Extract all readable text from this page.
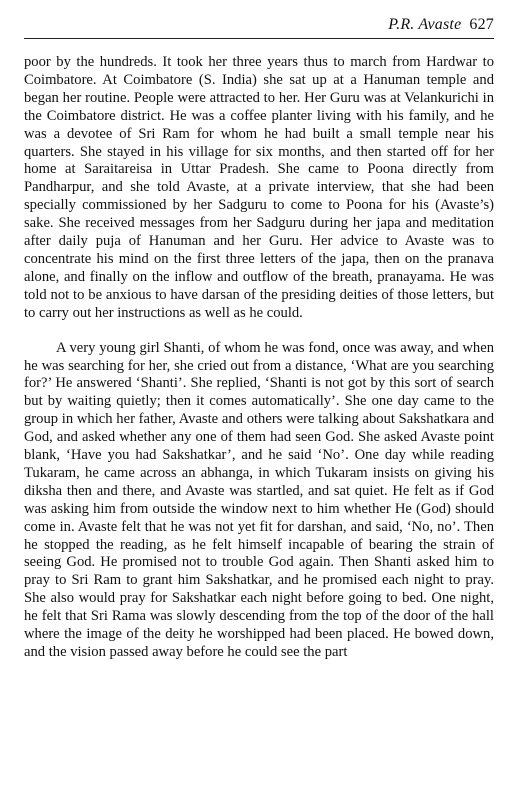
P.R. Avaste 627

poor by the hundreds. It took her three years thus to march from Hardwar to Coimbatore. At Coimbatore (S. India) she sat up at a Hanuman temple and began her routine. People were attracted to her. Her Guru was at Velankurichi in the Coimbatore district. He was a coffee planter living with his family, and he was a devotee of Sri Ram for whom he had built a small temple near his quarters. She stayed in his village for six months, and then started off for her home at Saraitareisa in Uttar Pradesh. She came to Poona directly from Pandharpur, and she told Avaste, at a private interview, that she had been specially commissioned by her Sadguru to come to Poona for his (Avaste’s) sake. She received messages from her Sadguru during her japa and meditation after daily puja of Hanuman and her Guru. Her advice to Avaste was to concentrate his mind on the first three letters of the japa, then on the pranava alone, and finally on the inflow and outflow of the breath, pranayama. He was told not to be anxious to have darsan of the presiding deities of those letters, but to carry out her instructions as well as he could.

A very young girl Shanti, of whom he was fond, once was away, and when he was searching for her, she cried out from a distance, ‘What are you searching for?’ He answered ‘Shanti’. She replied, ‘Shanti is not got by this sort of search but by waiting quietly; then it comes automatically’. She one day came to the group in which her father, Avaste and others were talking about Sakshatkara and God, and asked whether any one of them had seen God. She asked Avaste point blank, ‘Have you had Sakshatkar’, and he said ‘No’. One day while reading Tukaram, he came across an abhanga, in which Tukaram insists on giving his diksha then and there, and Avaste was startled, and sat quiet. He felt as if God was asking him from outside the window next to him whether He (God) should come in. Avaste felt that he was not yet fit for darshan, and said, ‘No, no’. Then he stopped the reading, as he felt himself incapable of bearing the strain of seeing God. He promised not to trouble God again. Then Shanti asked him to pray to Sri Ram to grant him Sakshatkar, and he promised each night to pray. She also would pray for Sakshatkar each night before going to bed. One night, he felt that Sri Rama was slowly descending from the top of the door of the hall where the image of the deity he worshipped had been placed. He bowed down, and the vision passed away before he could see the part
